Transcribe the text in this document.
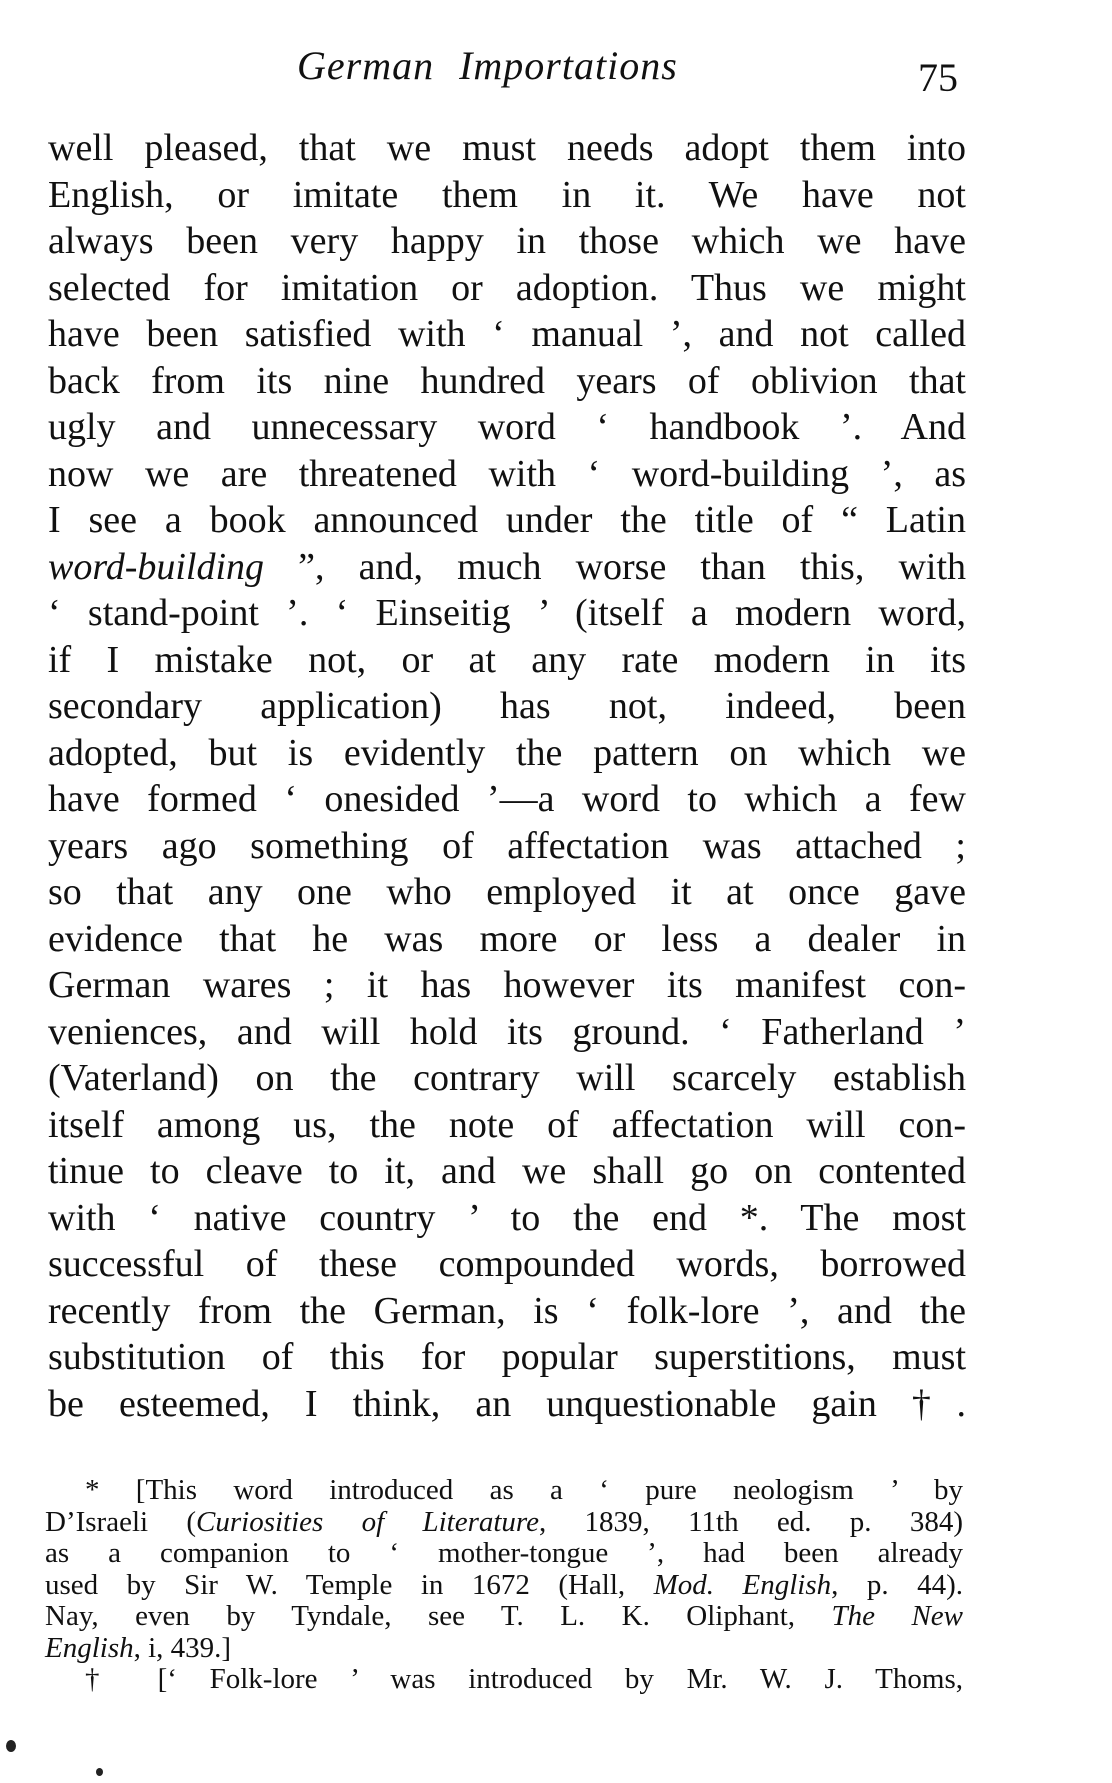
German Importations	75
well pleased, that we must needs adopt them into
English, or imitate them in it. We have not
always been very happy in those which we have
selected for imitation or adoption. Thus we might
have been satisfied with ‘ manual ’, and not called
back from its nine hundred years of oblivion that
ugly and unnecessary word ‘ handbook ’. And
now we are threatened with ‘ word-building ’, as
I see a book announced under the title of “ Latin
word-building ”, and, much worse than this, with
‘ stand-point ’. ‘ Einseitig ’ (itself a modern word,
if I mistake not, or at any rate modern in its
secondary application) has not, indeed, been
adopted, but is evidently the pattern on which we
have formed ‘ onesided ’—a word to which a few
years ago something of affectation was attached ;
so that any one who employed it at once gave
evidence that he was more or less a dealer in
German wares ; it has however its manifest con-
veniences, and will hold its ground. ‘ Fatherland ’
(Vaterland) on the contrary will scarcely establish
itself among us, the note of affectation will con-
tinue to cleave to it, and we shall go on contented
with ‘ native country ’ to the end *. The most
successful of these compounded words, borrowed
recently from the German, is ‘ folk-lore ’, and the
substitution of this for popular superstitions, must
be esteemed, I think, an unquestionable gain †.
* [This word introduced as a ‘ pure neologism ’ by
D’Israeli (Curiosities of Literature, 1839, 11th ed. p. 384)
as a companion to ‘ mother-tongue ’, had been already
used by Sir W. Temple in 1672 (Hall, Mod. English, p. 44).
Nay, even by Tyndale, see T. L. K. Oliphant, The New
English, i, 439.]
† [‘ Folk-lore ’ was introduced by Mr. W. J. Thoms,
